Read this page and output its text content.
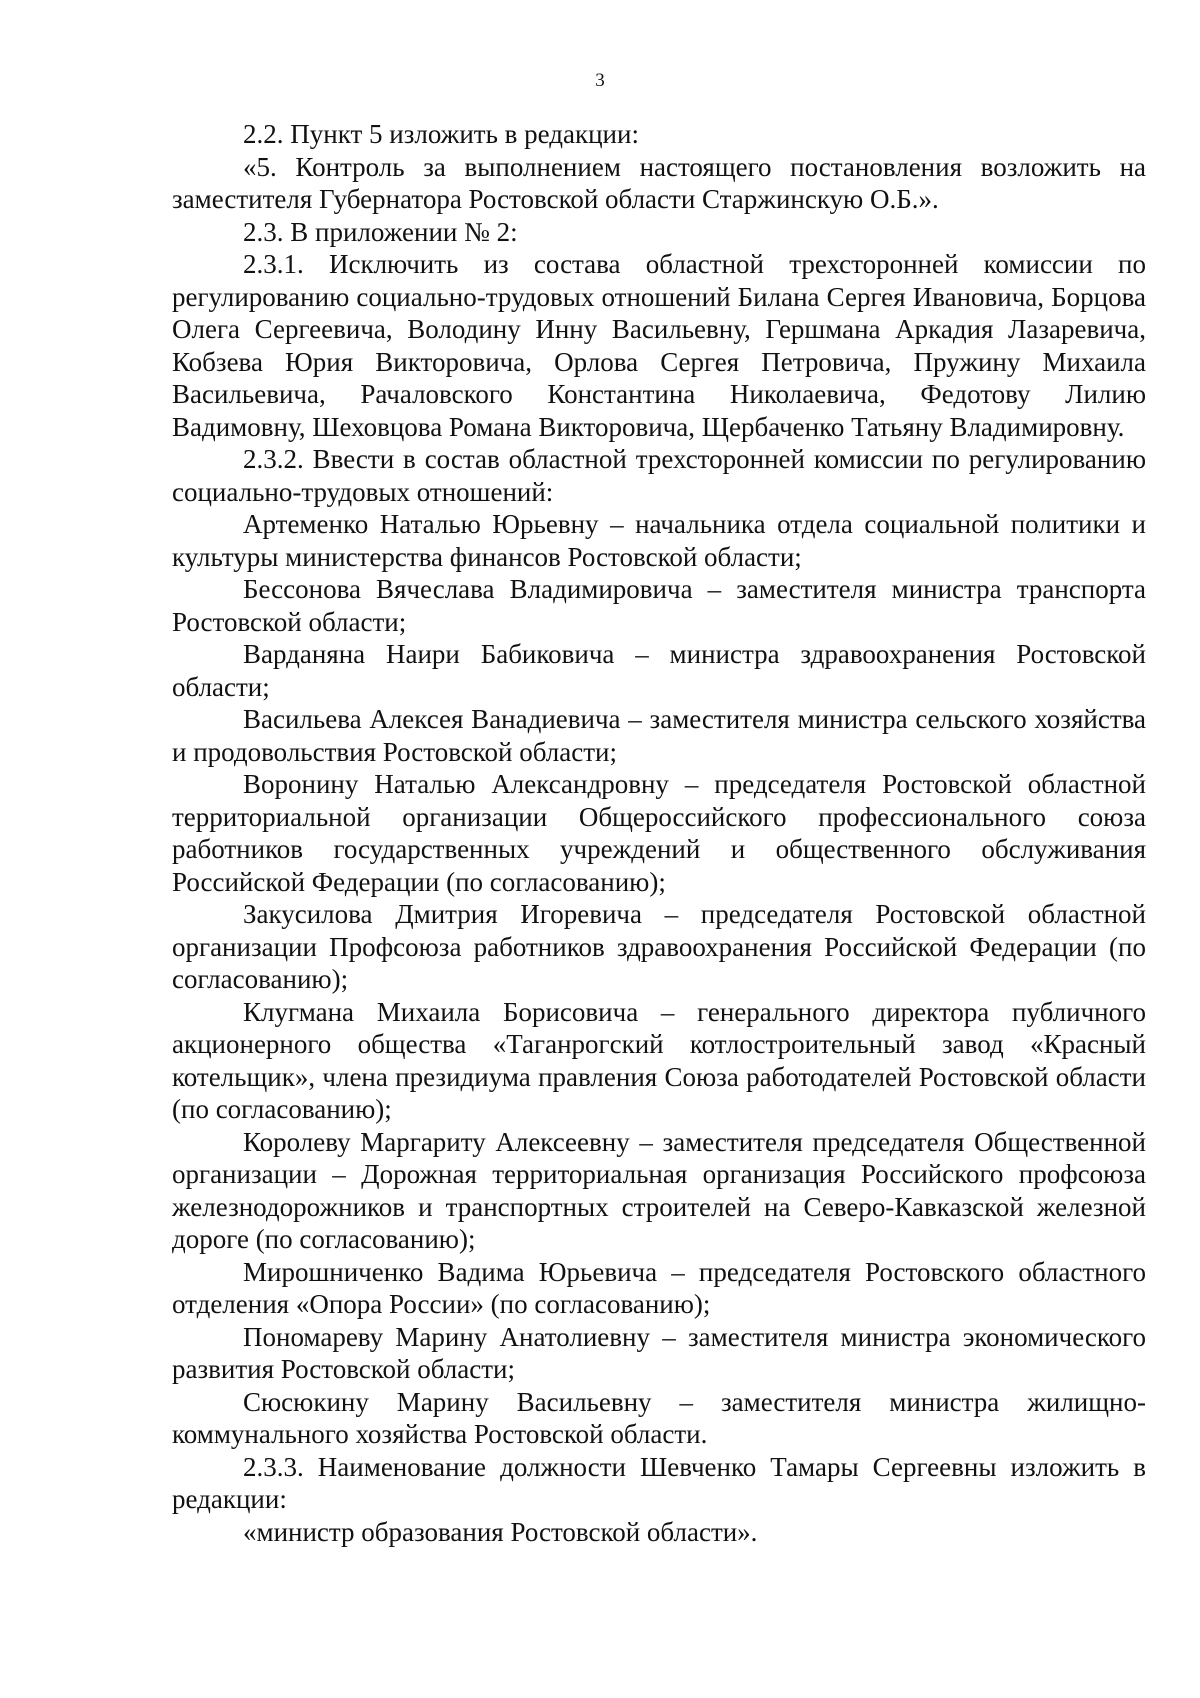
3

2.2. Пункт 5 изложить в редакции:

«5. Контроль за выполнением настоящего постановления возложить на заместителя Губернатора Ростовской области Старжинскую О.Б.».

2.3. В приложении № 2:

2.3.1. Исключить из состава областной трехсторонней комиссии по регулированию социально-трудовых отношений Билана Сергея Ивановича, Борцова Олега Сергеевича, Володину Инну Васильевну, Гершмана Аркадия Лазаревича, Кобзева Юрия Викторовича, Орлова Сергея Петровича, Пружину Михаила Васильевича, Рачаловского Константина Николаевича, Федотову Лилию Вадимовну, Шеховцова Романа Викторовича, Щербаченко Татьяну Владимировну.

2.3.2. Ввести в состав областной трехсторонней комиссии по регулированию социально-трудовых отношений:

Артеменко Наталью Юрьевну – начальника отдела социальной политики и культуры министерства финансов Ростовской области;

Бессонова Вячеслава Владимировича – заместителя министра транспорта Ростовской области;

Варданяна Наири Бабиковича – министра здравоохранения Ростовской области;

Васильева Алексея Ванадиевича – заместителя министра сельского хозяйства и продовольствия Ростовской области;

Воронину Наталью Александровну – председателя Ростовской областной территориальной организации Общероссийского профессионального союза работников государственных учреждений и общественного обслуживания Российской Федерации (по согласованию);

Закусилова Дмитрия Игоревича – председателя Ростовской областной организации Профсоюза работников здравоохранения Российской Федерации (по согласованию);

Клугмана Михаила Борисовича – генерального директора публичного акционерного общества «Таганрогский котлостроительный завод «Красный котельщик», члена президиума правления Союза работодателей Ростовской области (по согласованию);

Королеву Маргариту Алексеевну – заместителя председателя Общественной организации – Дорожная территориальная организация Российского профсоюза железнодорожников и транспортных строителей на Северо-Кавказской железной дороге (по согласованию);

Мирошниченко Вадима Юрьевича – председателя Ростовского областного отделения «Опора России» (по согласованию);

Пономареву Марину Анатолиевну – заместителя министра экономического развития Ростовской области;

Сюсюкину Марину Васильевну – заместителя министра жилищно-коммунального хозяйства Ростовской области.

2.3.3. Наименование должности Шевченко Тамары Сергеевны изложить в редакции:

«министр образования Ростовской области».
